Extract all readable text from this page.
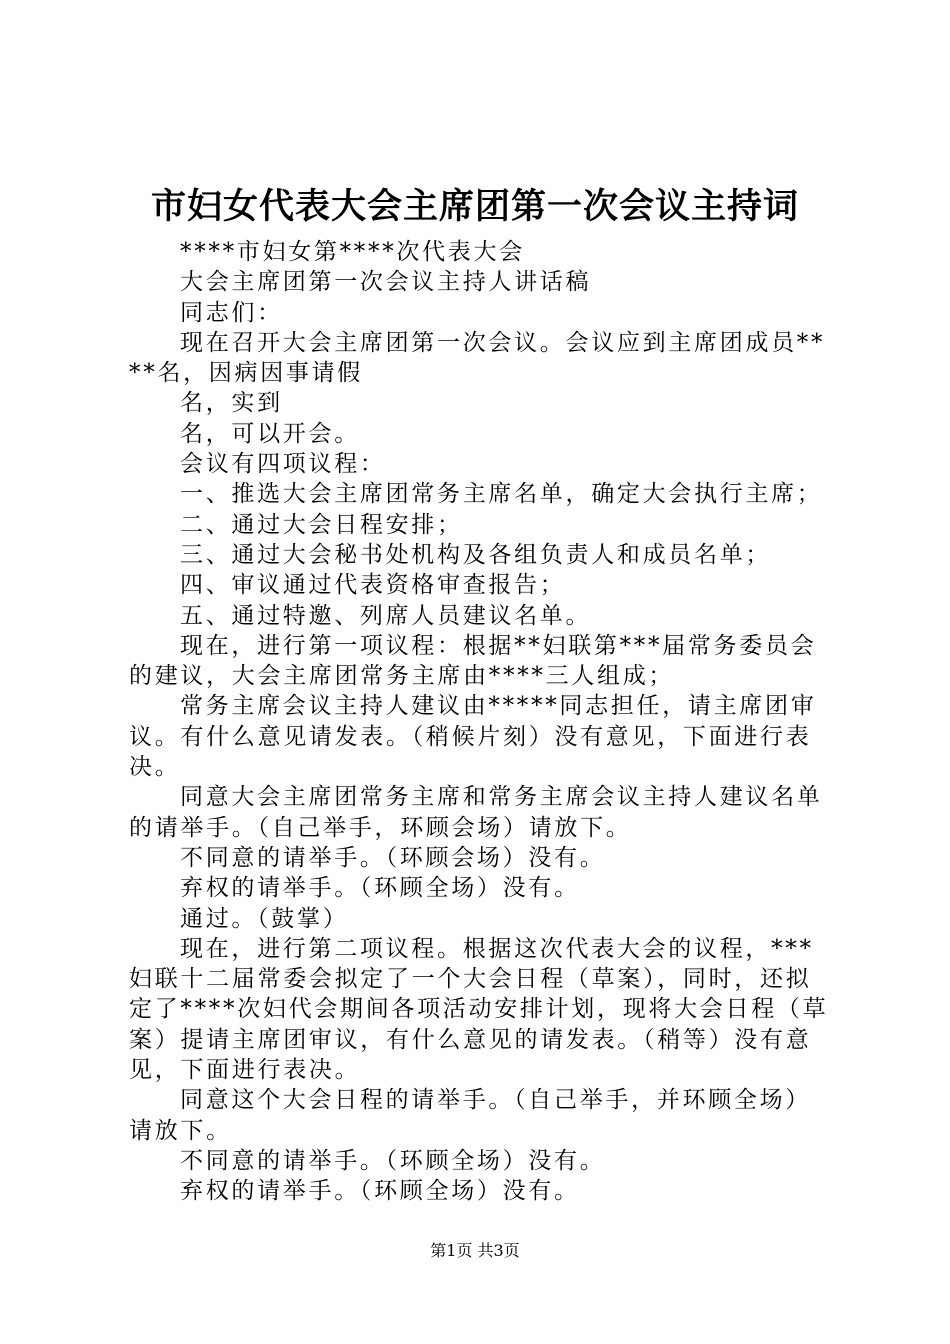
市妇女代表大会主席团第一次会议主持词

****市妇女第****次代表大会

大会主席团第一次会议主持人讲话稿

同志们：

现在召开大会主席团第一次会议。会议应到主席团成员****名，因病因事请假

名，实到

名，可以开会。

会议有四项议程：

一、推选大会主席团常务主席名单，确定大会执行主席；

二、通过大会日程安排；

三、通过大会秘书处机构及各组负责人和成员名单；

四、审议通过代表资格审查报告；

五、通过特邀、列席人员建议名单。

现在，进行第一项议程：根据**妇联第***届常务委员会的建议，大会主席团常务主席由****三人组成；

常务主席会议主持人建议由*****同志担任，请主席团审议。有什么意见请发表。（稍候片刻）没有意见，下面进行表决。

同意大会主席团常务主席和常务主席会议主持人建议名单的请举手。（自己举手，环顾会场）请放下。

不同意的请举手。（环顾会场）没有。

弃权的请举手。（环顾全场）没有。

通过。（鼓掌）

现在，进行第二项议程。根据这次代表大会的议程，***妇联十二届常委会拟定了一个大会日程（草案），同时，还拟定了****次妇代会期间各项活动安排计划，现将大会日程（草案）提请主席团审议，有什么意见的请发表。（稍等）没有意见，下面进行表决。

同意这个大会日程的请举手。（自己举手，并环顾全场）请放下。

不同意的请举手。（环顾全场）没有。

弃权的请举手。（环顾全场）没有。

第1页 共3页
